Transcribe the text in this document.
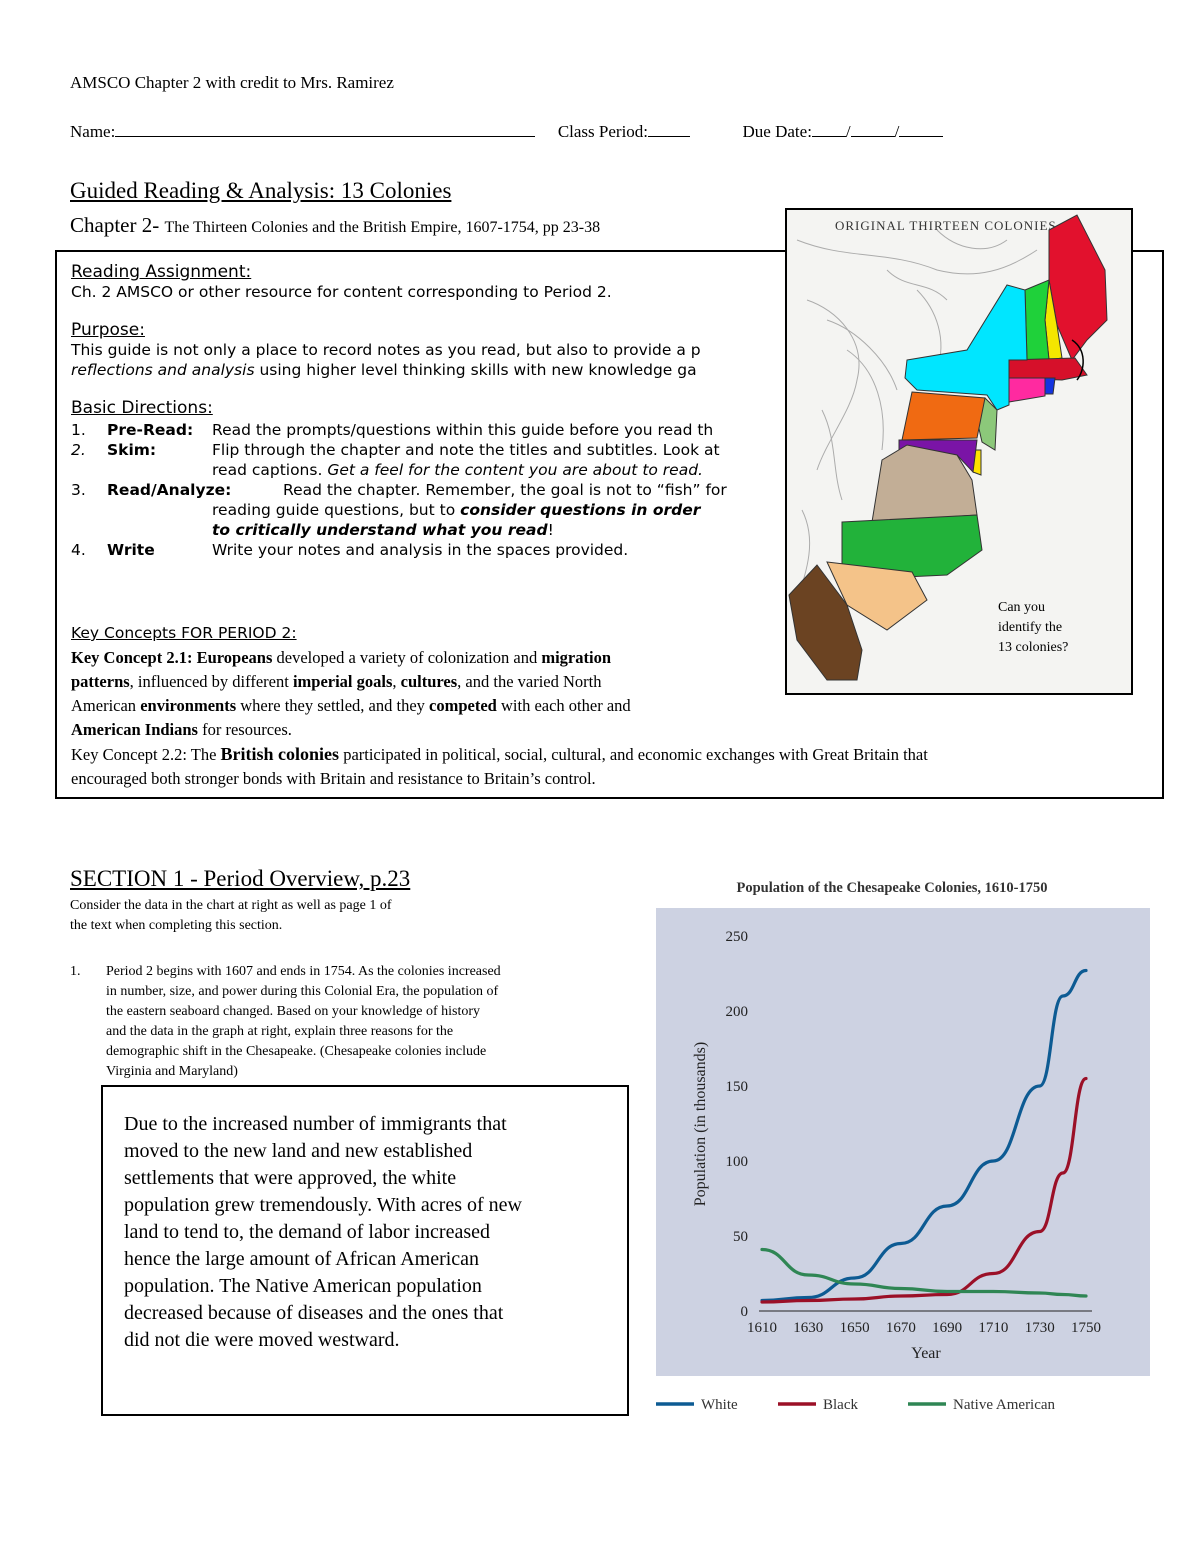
AMSCO Chapter 2 with credit to Mrs. Ramirez
Name:	Class Period:	Due Date: /	/
Guided Reading & Analysis: 13 Colonies
Chapter 2- The Thirteen Colonies and the British Empire, 1607-1754, pp 23-38
Reading Assignment:
Ch. 2 AMSCO or other resource for content corresponding to Period 2.
Purpose:
This guide is not only a place to record notes as you read, but also to provide a p
reflections and analysis using higher level thinking skills with new knowledge ga
Basic Directions:
1. Pre-Read: Read the prompts/questions within this guide before you read th
2. Skim:	Flip through the chapter and note the titles and subtitles. Look at
read captions. Get a feel for the content you are about to read.
3. Read/Analyze:	Read the chapter. Remember, the goal is not to “fish” for
reading guide questions, but to consider questions in order
to critically understand what you read!
4. Write	Write your notes and analysis in the spaces provided.
Key Concepts FOR PERIOD 2:
Key Concept 2.1: Europeans developed a variety of colonization and migration
patterns, influenced by different imperial goals, cultures, and the varied North
American environments where they settled, and they competed with each other and
American Indians for resources.
Key Concept 2.2: The British colonies participated in political, social, cultural, and economic exchanges with Great Britain that
encouraged both stronger bonds with Britain and resistance to Britain’s control.
ORIGINAL THIRTEEN COLONIES
Can you
identify the
13 colonies?
SECTION 1 - Period Overview, p.23
Consider the data in the chart at right as well as page 1 of
the text when completing this section.
1. Period 2 begins with 1607 and ends in 1754. As the colonies increased
in number, size, and power during this Colonial Era, the population of
the eastern seaboard changed. Based on your knowledge of history
and the data in the graph at right, explain three reasons for the
demographic shift in the Chesapeake. (Chesapeake colonies include
Virginia and Maryland)
Due to the increased number of immigrants that
moved to the new land and new established
settlements that were approved, the white
population grew tremendously. With acres of new
land to tend to, the demand of labor increased
hence the large amount of African American
population. The Native American population
decreased because of diseases and the ones that
did not die were moved westward.
Population of the Chesapeake Colonies, 1610-1750
0
50
100
150
200
250
1610 1630 1650 1670 1690 1710 1730 1750
Population (in thousands)
Year
White	Black	Native American
